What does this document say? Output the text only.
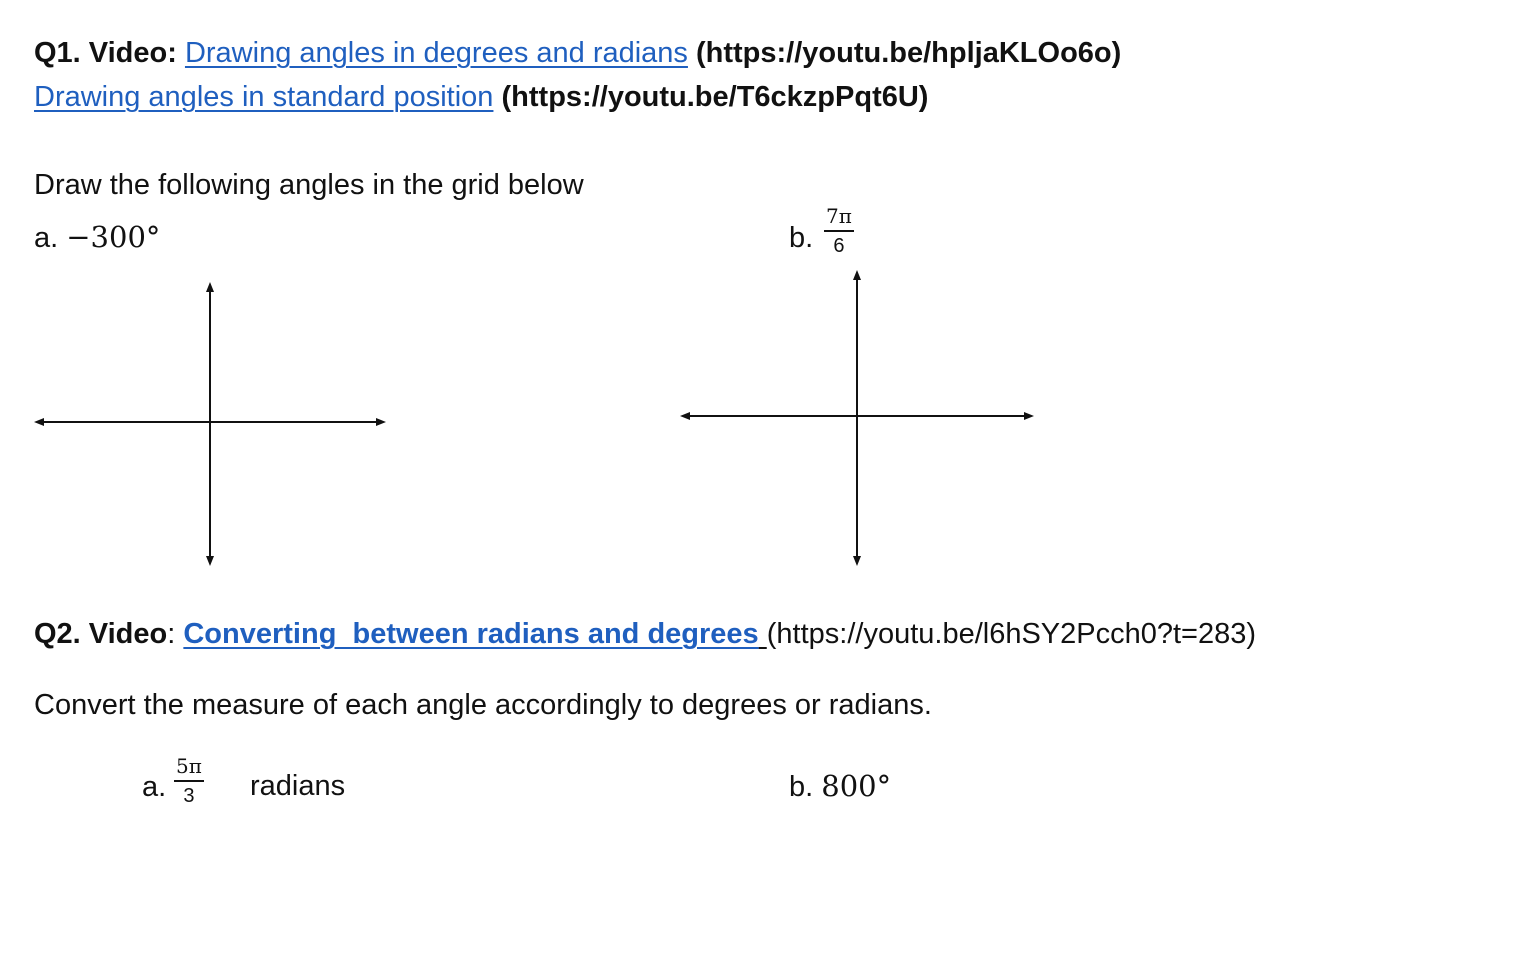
Q1. Video: Drawing angles in degrees and radians (https://youtu.be/hpljaKLOo6o)
Drawing angles in standard position (https://youtu.be/T6ckzpPqt6U)
Draw the following angles in the grid below
a. −300°	b. $\frac{7\pi}{6}$
Q2. Video: Converting  between radians and degrees (https://youtu.be/l6hSY2Pcch0?t=283)
Convert the measure of each angle accordingly to degrees or radians.
a. $\frac{5\pi}{3}$ radians	b. 800°
